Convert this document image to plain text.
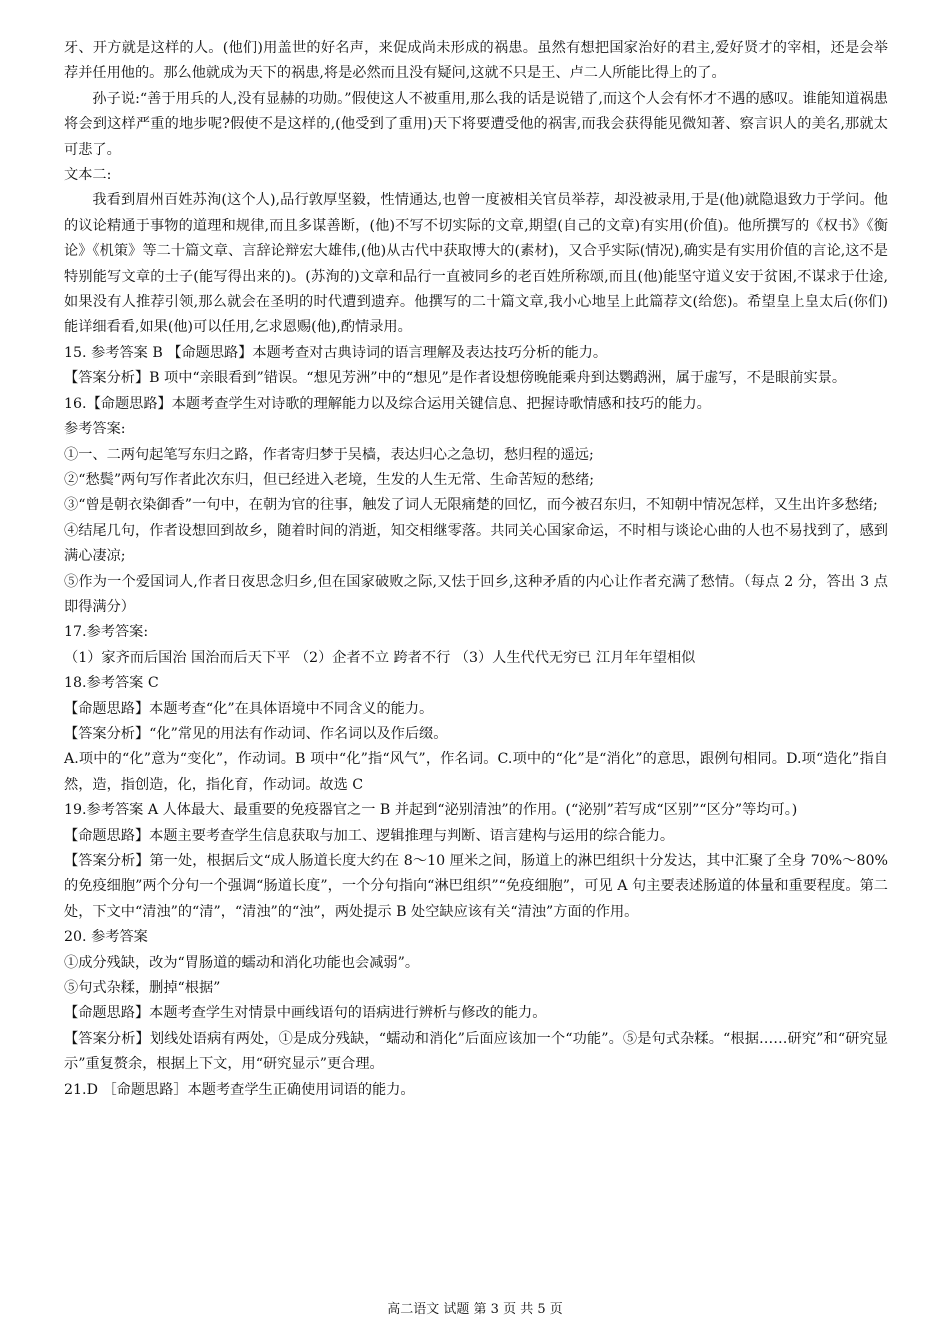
牙、开方就是这样的人。(他们)用盖世的好名声，来促成尚未形成的祸患。虽然有想把国家治好的君主,爱好贤才的宰相，还是会举荐并任用他的。那么他就成为天下的祸患,将是必然而且没有疑问,这就不只是王、卢二人所能比得上的了。

孙子说:“善于用兵的人,没有显赫的功勋。”假使这人不被重用,那么我的话是说错了,而这个人会有怀才不遇的感叹。谁能知道祸患将会到这样严重的地步呢?假使不是这样的,(他受到了重用)天下将要遭受他的祸害,而我会获得能见微知著、察言识人的美名,那就太可悲了。

文本二:

我看到眉州百姓苏洵(这个人),品行敦厚坚毅，性情通达,也曾一度被相关官员举荐，却没被录用,于是(他)就隐退致力于学问。他的议论精通于事物的道理和规律,而且多谋善断，(他)不写不切实际的文章,期望(自己的文章)有实用(价值)。他所撰写的《权书》《衡论》《机策》等二十篇文章、言辞论辩宏大雄伟,(他)从古代中获取博大的(素材)，又合乎实际(情况),确实是有实用价值的言论,这不是特别能写文章的士子(能写得出来的)。(苏洵的)文章和品行一直被同乡的老百姓所称颂,而且(他)能坚守道义安于贫困,不谋求于仕途,如果没有人推荐引领,那么就会在圣明的时代遭到遗弃。他撰写的二十篇文章,我小心地呈上此篇荐文(给您)。希望皇上皇太后(你们)能详细看看,如果(他)可以任用,乞求恩赐(他),酌情录用。

15. 参考答案 B 【命题思路】本题考查对古典诗词的语言理解及表达技巧分析的能力。

【答案分析】B 项中“亲眼看到”错误。“想见芳洲”中的“想见”是作者设想傍晚能乘舟到达鹦鹉洲，属于虚写，不是眼前实景。

16.【命题思路】本题考查学生对诗歌的理解能力以及综合运用关键信息、把握诗歌情感和技巧的能力。

参考答案:

①一、二两句起笔写东归之路，作者寄归梦于吴樯，表达归心之急切，愁归程的遥远;

②“愁鬓”两句写作者此次东归，但已经进入老境，生发的人生无常、生命苦短的愁绪;

③“曾是朝衣染御香”一句中，在朝为官的往事，触发了词人无限痛楚的回忆，而今被召东归，不知朝中情况怎样，又生出许多愁绪;

④结尾几句，作者设想回到故乡，随着时间的消逝，知交相继零落。共同关心国家命运，不时相与谈论心曲的人也不易找到了，感到满心凄凉;

⑤作为一个爱国词人,作者日夜思念归乡,但在国家破败之际,又怯于回乡,这种矛盾的内心让作者充满了愁情。（每点 2 分，答出 3 点即得满分）

17.参考答案:

（1）家齐而后国治 国治而后天下平 （2）企者不立 跨者不行 （3）人生代代无穷已 江月年年望相似

18.参考答案 C

【命题思路】本题考查“化”在具体语境中不同含义的能力。

【答案分析】“化”常见的用法有作动词、作名词以及作后缀。

A.项中的“化”意为“变化”，作动词。B 项中“化”指“风气”，作名词。C.项中的“化”是“消化”的意思，跟例句相同。D.项“造化”指自然，造，指创造，化，指化育，作动词。故选 C

19.参考答案 A 人体最大、最重要的免疫器官之一 B 并起到“泌别清浊”的作用。(“泌别”若写成“区别”“区分”等均可。)

【命题思路】本题主要考查学生信息获取与加工、逻辑推理与判断、语言建构与运用的综合能力。

【答案分析】第一处，根据后文“成人肠道长度大约在 8～10 厘米之间，肠道上的淋巴组织十分发达，其中汇聚了全身 70%～80%的免疫细胞”两个分句一个强调“肠道长度”，一个分句指向“淋巴组织”“免疫细胞”，可见 A 句主要表述肠道的体量和重要程度。第二处，下文中“清浊”的“清”，“清浊”的“浊”，两处提示 B 处空缺应该有关“清浊”方面的作用。

20. 参考答案

①成分残缺，改为“胃肠道的蠕动和消化功能也会减弱”。

⑤句式杂糅，删掉“根据”

【命题思路】本题考查学生对情景中画线语句的语病进行辨析与修改的能力。

【答案分析】划线处语病有两处，①是成分残缺，“蠕动和消化”后面应该加一个“功能”。⑤是句式杂糅。“根据……研究”和“研究显示”重复赘余，根据上下文，用“研究显示”更合理。

21.D ［命题思路］本题考查学生正确使用词语的能力。

高二语文 试题 第 3 页 共 5 页
